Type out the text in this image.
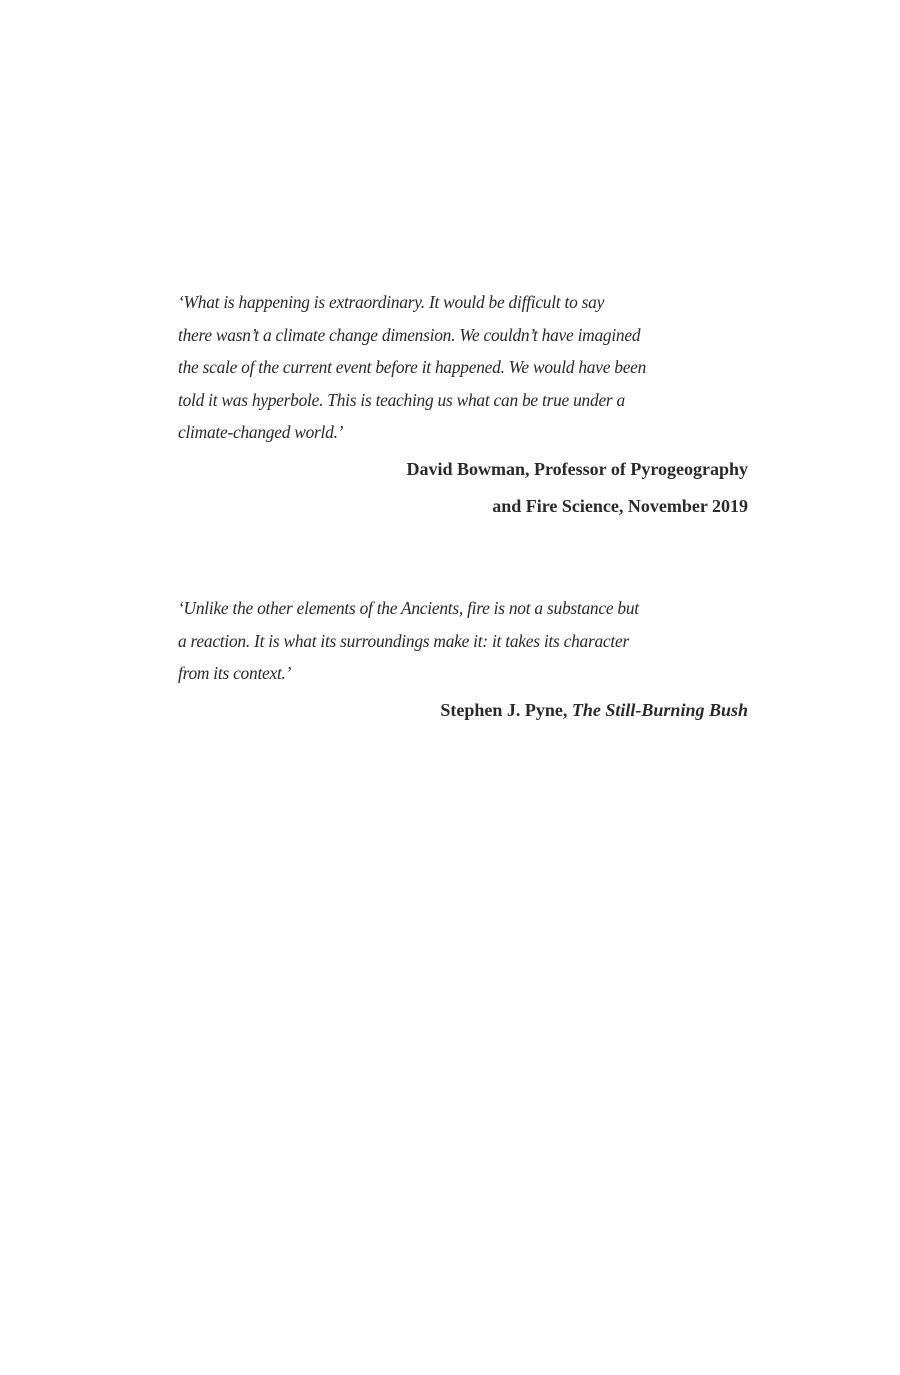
‘What is happening is extraordinary. It would be difficult to say
there wasn’t a climate change dimension. We couldn’t have imagined
the scale of the current event before it happened. We would have been
told it was hyperbole. This is teaching us what can be true under a
climate-changed world.’
David Bowman, Professor of Pyrogeography
and Fire Science, November 2019
‘Unlike the other elements of the Ancients, fire is not a substance but
a reaction. It is what its surroundings make it: it takes its character
from its context.’
Stephen J. Pyne, The Still-Burning Bush
